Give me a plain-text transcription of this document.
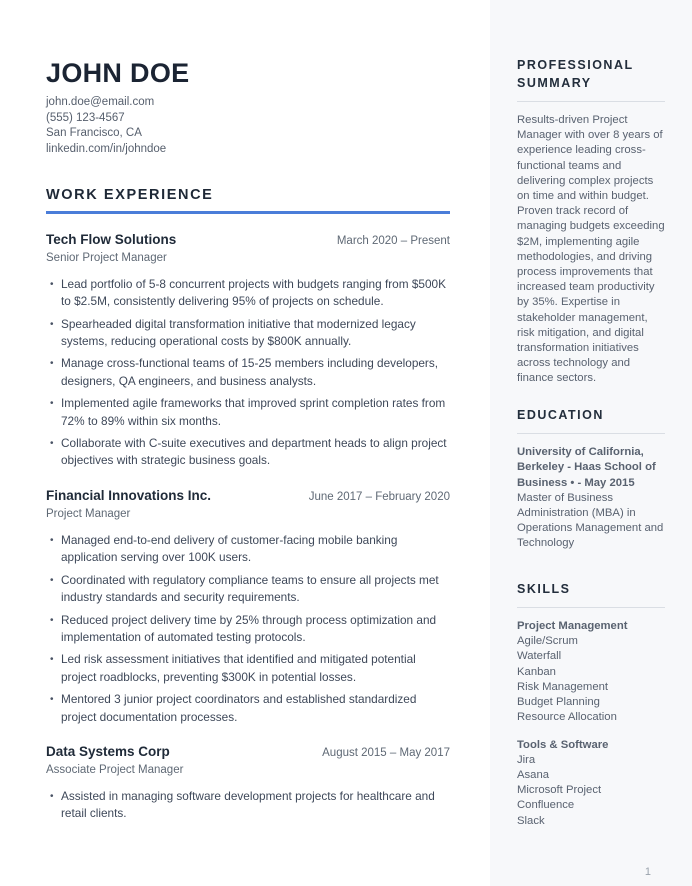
JOHN DOE
john.doe@email.com
(555) 123-4567
San Francisco, CA
linkedin.com/in/johndoe
WORK EXPERIENCE
Tech Flow Solutions	March 2020 – Present
Senior Project Manager
• Lead portfolio of 5-8 concurrent projects with budgets ranging from $500K to $2.5M, consistently delivering 95% of projects on schedule.
• Spearheaded digital transformation initiative that modernized legacy systems, reducing operational costs by $800K annually.
• Manage cross-functional teams of 15-25 members including developers, designers, QA engineers, and business analysts.
• Implemented agile frameworks that improved sprint completion rates from 72% to 89% within six months.
• Collaborate with C-suite executives and department heads to align project objectives with strategic business goals.
Financial Innovations Inc.	June 2017 – February 2020
Project Manager
• Managed end-to-end delivery of customer-facing mobile banking application serving over 100K users.
• Coordinated with regulatory compliance teams to ensure all projects met industry standards and security requirements.
• Reduced project delivery time by 25% through process optimization and implementation of automated testing protocols.
• Led risk assessment initiatives that identified and mitigated potential project roadblocks, preventing $300K in potential losses.
• Mentored 3 junior project coordinators and established standardized project documentation processes.
Data Systems Corp	August 2015 – May 2017
Associate Project Manager
• Assisted in managing software development projects for healthcare and retail clients.
PROFESSIONAL SUMMARY

Results-driven Project Manager with over 8 years of experience leading cross-functional teams and delivering complex projects on time and within budget. Proven track record of managing budgets exceeding $2M, implementing agile methodologies, and driving process improvements that increased team productivity by 35%. Expertise in stakeholder management, risk mitigation, and digital transformation initiatives across technology and finance sectors.

EDUCATION

University of California, Berkeley - Haas School of Business • - May 2015

Master of Business Administration (MBA) in Operations Management and Technology

SKILLS

Project Management

Agile/Scrum
Waterfall
Kanban
Risk Management
Budget Planning
Resource Allocation

Tools & Software

Jira
Asana
Microsoft Project
Confluence
Slack
1
